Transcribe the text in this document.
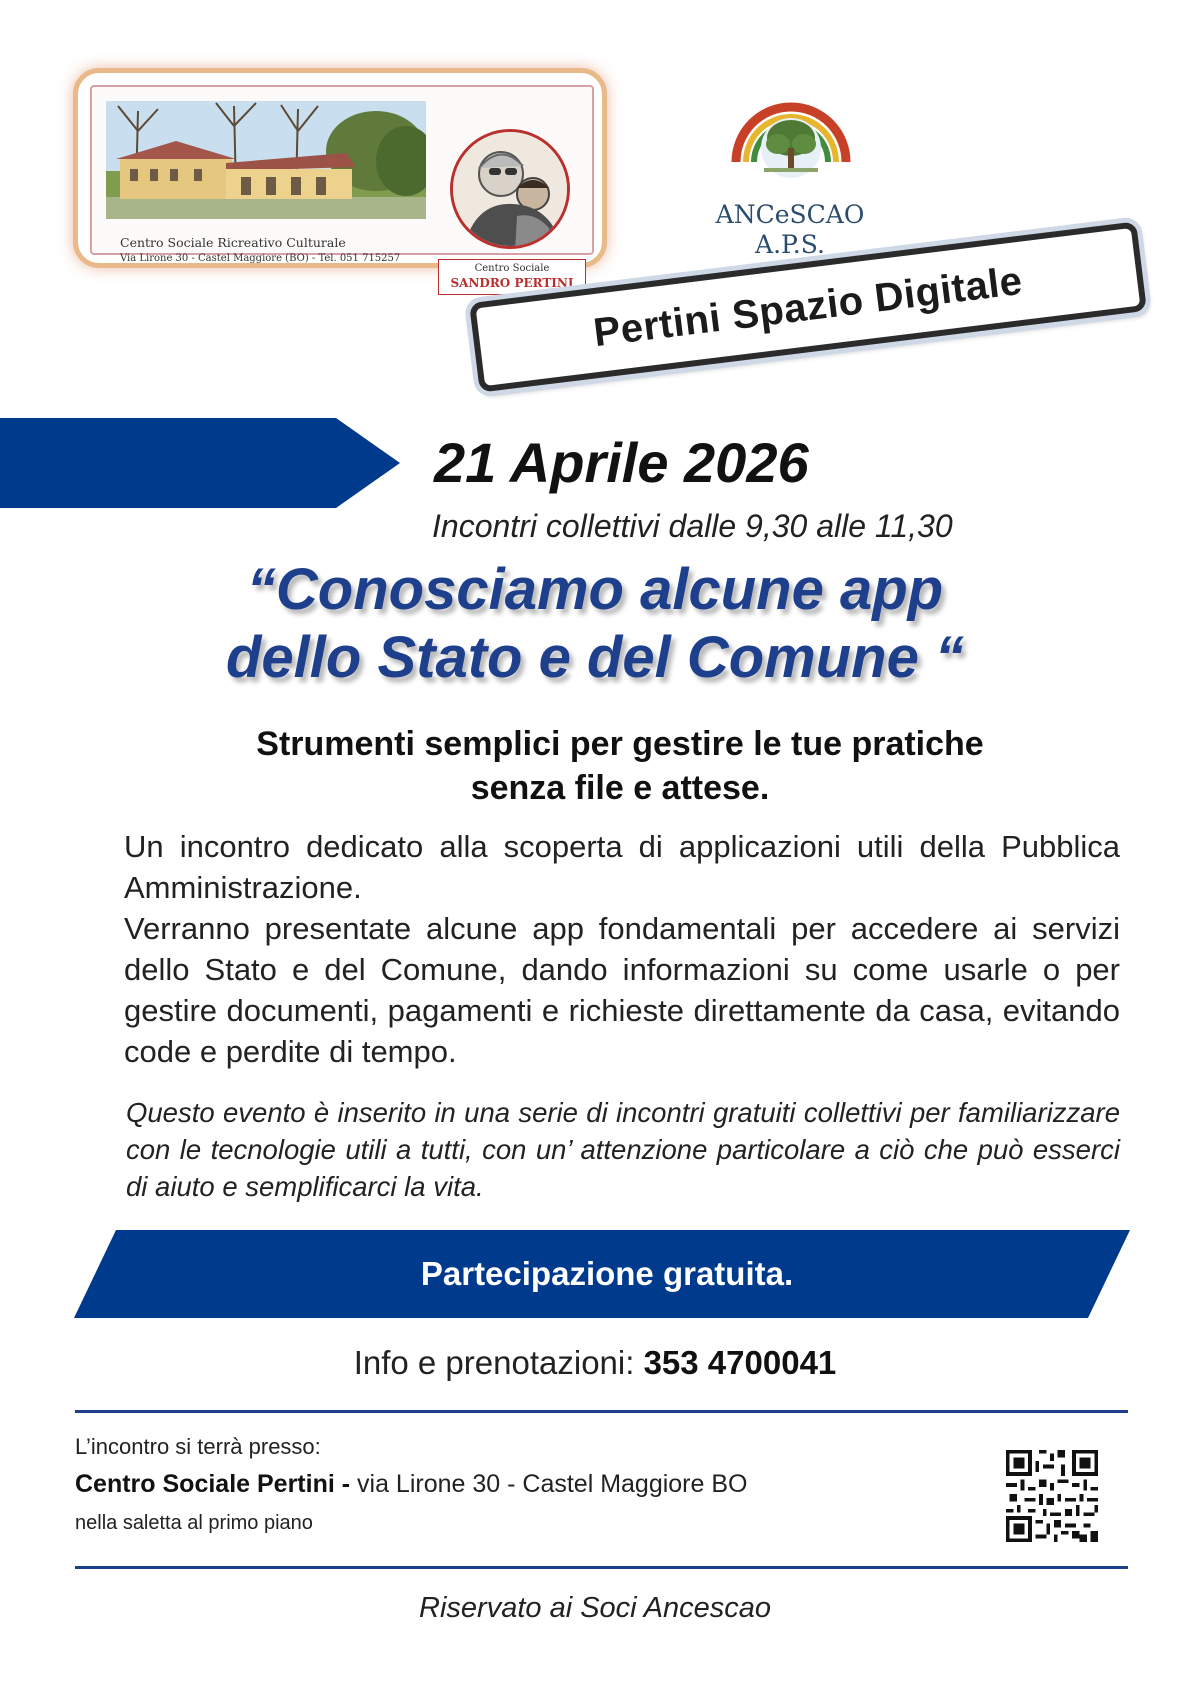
Centro Sociale Ricreativo Culturale
Via Lirone 30 - Castel Maggiore (BO) - Tel. 051 715257
Centro Sociale
SANDRO PERTINI
ANCeSCAO
A.P.S.
Pertini Spazio Digitale
21 Aprile 2026
Incontri collettivi dalle 9,30 alle 11,30
“Conosciamo alcune app
dello Stato e del Comune “
Strumenti semplici per gestire le tue pratiche
senza file e attese.
Un incontro dedicato alla scoperta di applicazioni utili della Pubblica Amministrazione.
Verranno presentate alcune app fondamentali per accedere ai servizi dello Stato e del Comune, dando informazioni su come usarle o per gestire documenti, pagamenti e richieste direttamente da casa, evitando code e perdite di tempo.
Questo evento è inserito in una serie di incontri gratuiti collettivi per familiarizzare con le tecnologie utili a tutti, con un’ attenzione particolare a ciò che può esserci di aiuto e semplificarci la vita.
Partecipazione gratuita.
Info e prenotazioni: 353 4700041
L’incontro si terrà presso:
Centro Sociale Pertini - via Lirone 30 - Castel Maggiore BO
nella saletta al primo piano
Riservato ai Soci Ancescao
